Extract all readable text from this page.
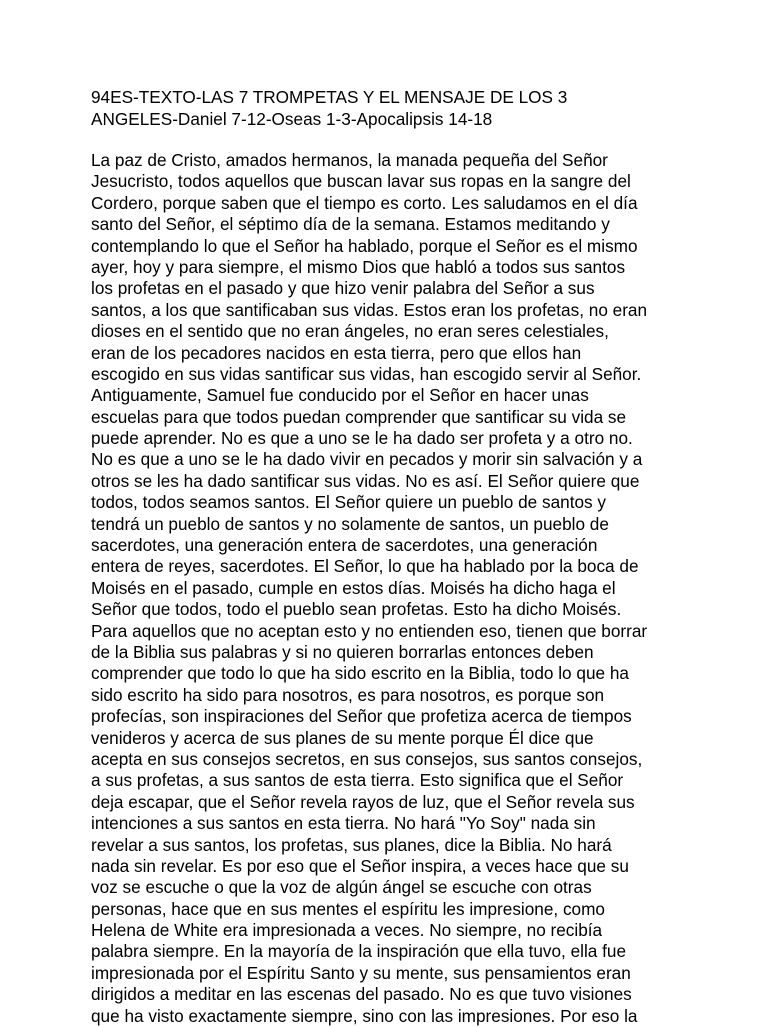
94ES-TEXTO-LAS 7 TROMPETAS Y EL MENSAJE DE LOS 3
ANGELES-Daniel 7-12-Oseas 1-3-Apocalipsis 14-18
La paz de Cristo, amados hermanos, la manada pequeña del Señor
Jesucristo, todos aquellos que buscan lavar sus ropas en la sangre del
Cordero, porque saben que el tiempo es corto. Les saludamos en el día
santo del Señor, el séptimo día de la semana. Estamos meditando y
contemplando lo que el Señor ha hablado, porque el Señor es el mismo
ayer, hoy y para siempre, el mismo Dios que habló a todos sus santos
los profetas en el pasado y que hizo venir palabra del Señor a sus
santos, a los que santificaban sus vidas. Estos eran los profetas, no eran
dioses en el sentido que no eran ángeles, no eran seres celestiales,
eran de los pecadores nacidos en esta tierra, pero que ellos han
escogido en sus vidas santificar sus vidas, han escogido servir al Señor.
Antiguamente, Samuel fue conducido por el Señor en hacer unas
escuelas para que todos puedan comprender que santificar su vida se
puede aprender. No es que a uno se le ha dado ser profeta y a otro no.
No es que a uno se le ha dado vivir en pecados y morir sin salvación y a
otros se les ha dado santificar sus vidas. No es así. El Señor quiere que
todos, todos seamos santos. El Señor quiere un pueblo de santos y
tendrá un pueblo de santos y no solamente de santos, un pueblo de
sacerdotes, una generación entera de sacerdotes, una generación
entera de reyes, sacerdotes. El Señor, lo que ha hablado por la boca de
Moisés en el pasado, cumple en estos días. Moisés ha dicho haga el
Señor que todos, todo el pueblo sean profetas. Esto ha dicho Moisés.
Para aquellos que no aceptan esto y no entienden eso, tienen que borrar
de la Biblia sus palabras y si no quieren borrarlas entonces deben
comprender que todo lo que ha sido escrito en la Biblia, todo lo que ha
sido escrito ha sido para nosotros, es para nosotros, es porque son
profecías, son inspiraciones del Señor que profetiza acerca de tiempos
venideros y acerca de sus planes de su mente porque Él dice que
acepta en sus consejos secretos, en sus consejos, sus santos consejos,
a sus profetas, a sus santos de esta tierra. Esto significa que el Señor
deja escapar, que el Señor revela rayos de luz, que el Señor revela sus
intenciones a sus santos en esta tierra. No hará "Yo Soy" nada sin
revelar a sus santos, los profetas, sus planes, dice la Biblia. No hará
nada sin revelar. Es por eso que el Señor inspira, a veces hace que su
voz se escuche o que la voz de algún ángel se escuche con otras
personas, hace que en sus mentes el espíritu les impresione, como
Helena de White era impresionada a veces. No siempre, no recibía
palabra siempre. En la mayoría de la inspiración que ella tuvo, ella fue
impresionada por el Espíritu Santo y su mente, sus pensamientos eran
dirigidos a meditar en las escenas del pasado. No es que tuvo visiones
que ha visto exactamente siempre, sino con las impresiones. Por eso la
